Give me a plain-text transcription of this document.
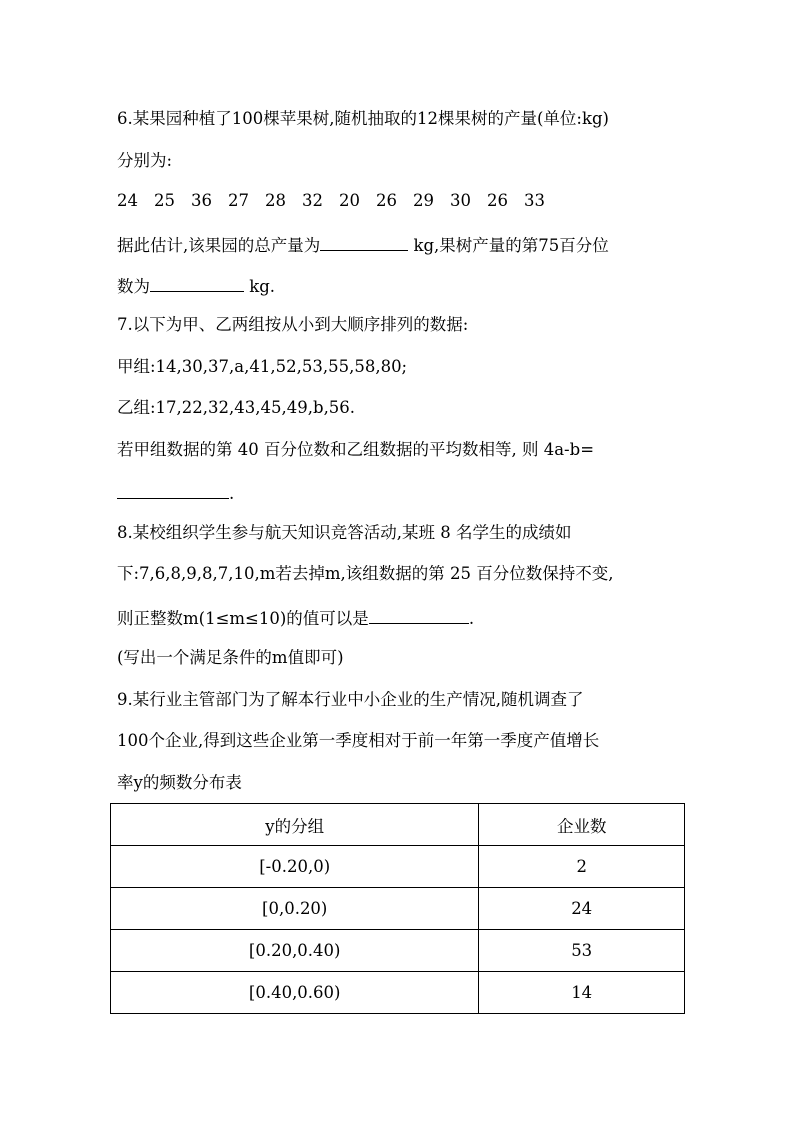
6.某果园种植了100棵苹果树,随机抽取的12棵果树的产量(单位:kg)
分别为:
24 25 36 27 28 32 20 26 29 30 26 33
据此估计,该果园的总产量为	kg,果树产量的第75百分位
数为	kg.
7.以下为甲、乙两组按从小到大顺序排列的数据:
甲组:14,30,37,a,41,52,53,55,58,80;
乙组:17,22,32,43,45,49,b,56.
若甲组数据的第 40 百分位数和乙组数据的平均数相等, 则 4a-b=
.
8.某校组织学生参与航天知识竞答活动,某班 8 名学生的成绩如
下:7,6,8,9,8,7,10,m若去掉m,该组数据的第 25 百分位数保持不变,
则正整数m(1≤m≤10)的值可以是	.
(写出一个满足条件的m值即可)
9.某行业主管部门为了解本行业中小企业的生产情况,随机调查了
100个企业,得到这些企业第一季度相对于前一年第一季度产值增长
率y的频数分布表
y的分组	企业数
[-0.20,0)	2
[0,0.20)	24
[0.20,0.40)	53
[0.40,0.60)	14
